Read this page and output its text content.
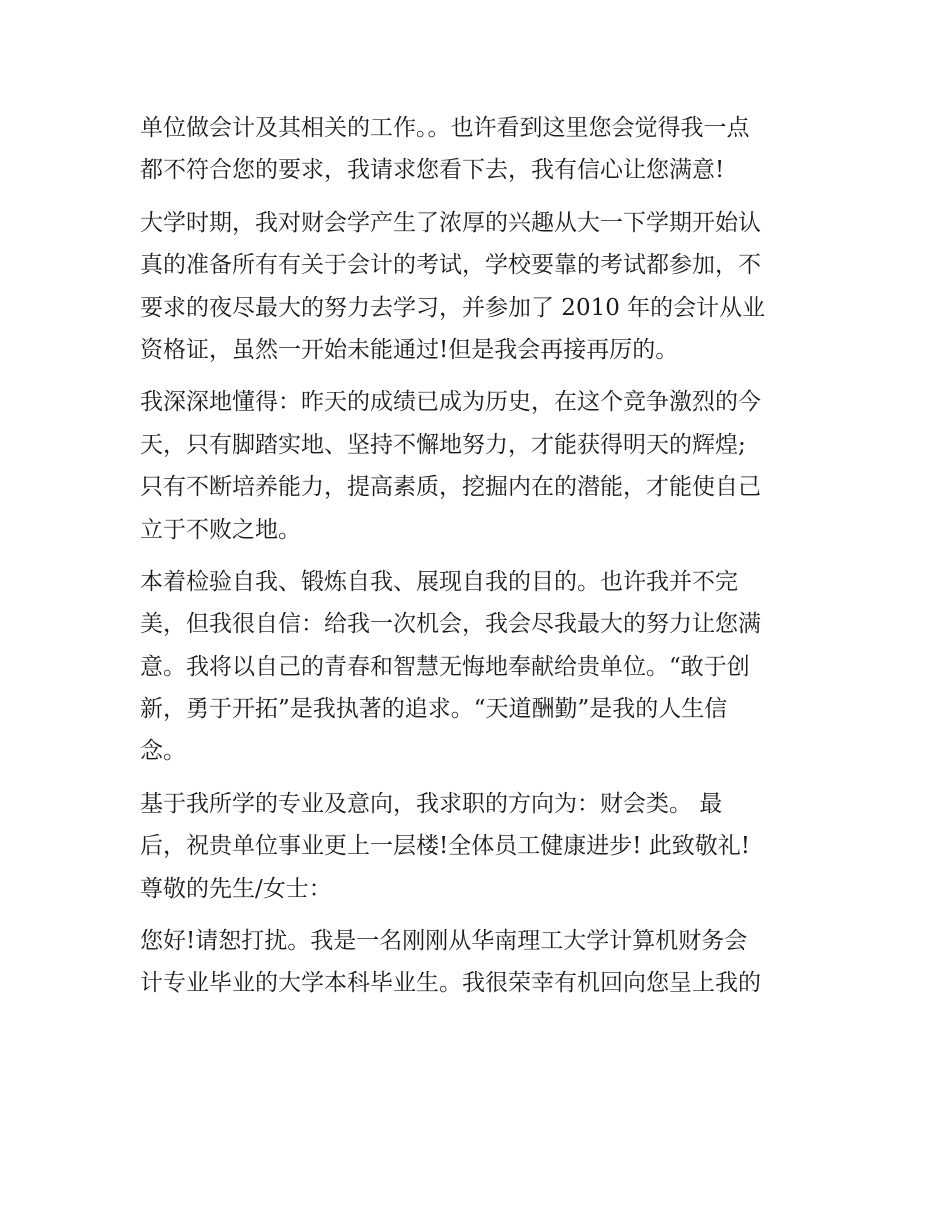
单位做会计及其相关的工作。。也许看到这里您会觉得我一点
都不符合您的要求，我请求您看下去，我有信心让您满意!
大学时期，我对财会学产生了浓厚的兴趣从大一下学期开始认
真的准备所有有关于会计的考试，学校要靠的考试都参加，不
要求的夜尽最大的努力去学习，并参加了 2010 年的会计从业
资格证，虽然一开始未能通过!但是我会再接再厉的。
我深深地懂得：昨天的成绩已成为历史，在这个竞争激烈的今
天，只有脚踏实地、坚持不懈地努力，才能获得明天的辉煌;
只有不断培养能力，提高素质，挖掘内在的潜能，才能使自己
立于不败之地。
本着检验自我、锻炼自我、展现自我的目的。也许我并不完
美，但我很自信：给我一次机会，我会尽我最大的努力让您满
意。我将以自己的青春和智慧无悔地奉献给贵单位。“敢于创
新，勇于开拓”是我执著的追求。“天道酬勤”是我的人生信
念。
基于我所学的专业及意向，我求职的方向为：财会类。 最
后，祝贵单位事业更上一层楼!全体员工健康进步! 此致敬礼!
尊敬的先生/女士：
您好!请恕打扰。我是一名刚刚从华南理工大学计算机财务会
计专业毕业的大学本科毕业生。我很荣幸有机回向您呈上我的
